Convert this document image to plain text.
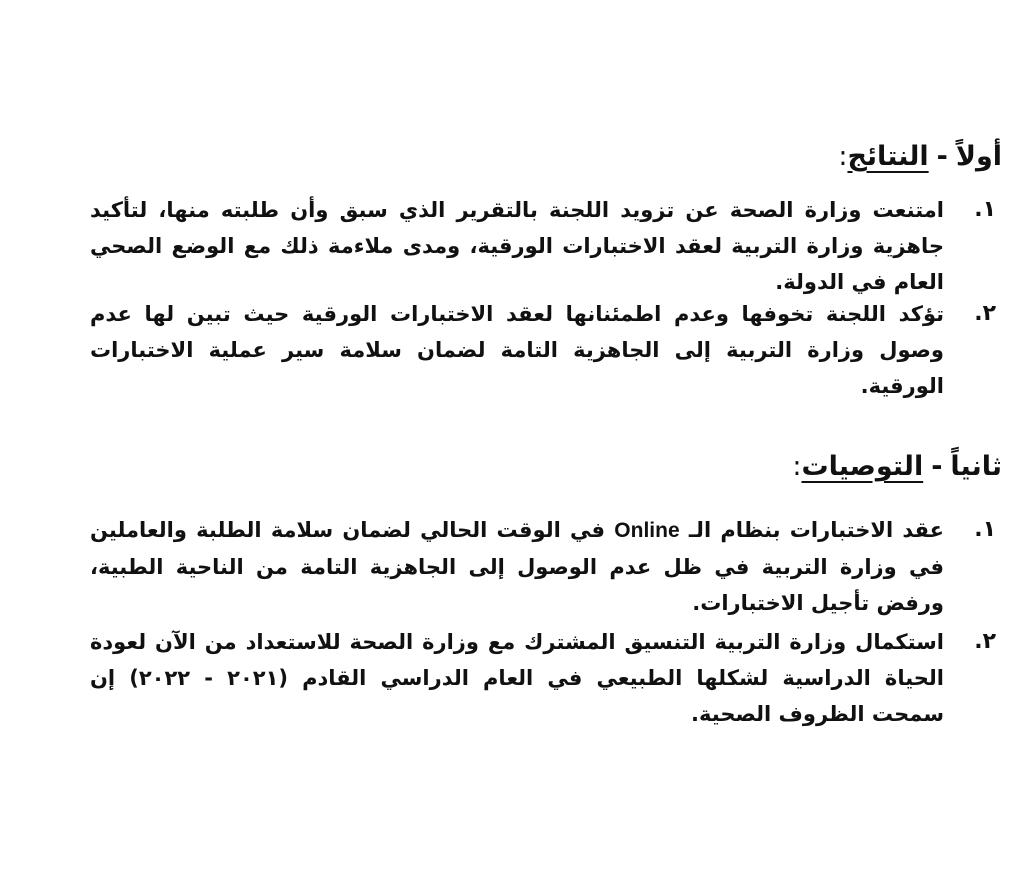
أولاً-النتائج:
١.
امتنعت وزارة الصحة عن تزويد اللجنة بالتقرير الذي سبق وأن طلبته منها، لتأكيد جاهزية وزارة التربية لعقد الاختبارات الورقية، ومدى ملاءمة ذلك مع الوضع الصحي العام في الدولة.
٢.
تؤكد اللجنة تخوفها وعدم اطمئنانها لعقد الاختبارات الورقية حيث تبين لها عدم وصول وزارة التربية إلى الجاهزية التامة لضمان سلامة سير عملية الاختبارات الورقية.
ثانياً-التوصيات:
١.
عقد الاختبارات بنظام الـ Online في الوقت الحالي لضمان سلامة الطلبة والعاملين في وزارة التربية في ظل عدم الوصول إلى الجاهزية التامة من الناحية الطبية، ورفض تأجيل الاختبارات.
٢.
استكمال وزارة التربية التنسيق المشترك مع وزارة الصحة للاستعداد من الآن لعودة الحياة الدراسية لشكلها الطبيعي في العام الدراسي القادم (٢٠٢١ - ٢٠٢٢) إن سمحت الظروف الصحية.
